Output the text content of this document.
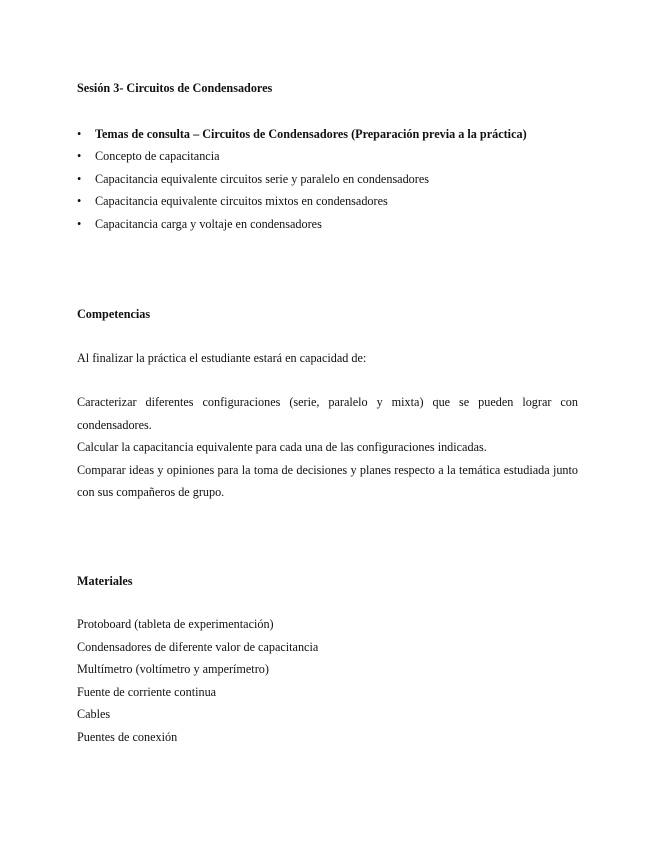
Sesión 3- Circuitos de Condensadores

• Temas de consulta – Circuitos de Condensadores (Preparación previa a la práctica)
• Concepto de capacitancia
• Capacitancia equivalente circuitos serie y paralelo en condensadores
• Capacitancia equivalente circuitos mixtos en condensadores
• Capacitancia carga y voltaje en condensadores

Competencias

Al finalizar la práctica el estudiante estará en capacidad de:

Caracterizar diferentes configuraciones (serie, paralelo y mixta) que se pueden lograr con condensadores.

Calcular la capacitancia equivalente para cada una de las configuraciones indicadas.

Comparar ideas y opiniones para la toma de decisiones y planes respecto a la temática estudiada junto con sus compañeros de grupo.

Materiales

Protoboard (tableta de experimentación)

Condensadores de diferente valor de capacitancia

Multímetro (voltímetro y amperímetro)

Fuente de corriente continua

Cables

Puentes de conexión
